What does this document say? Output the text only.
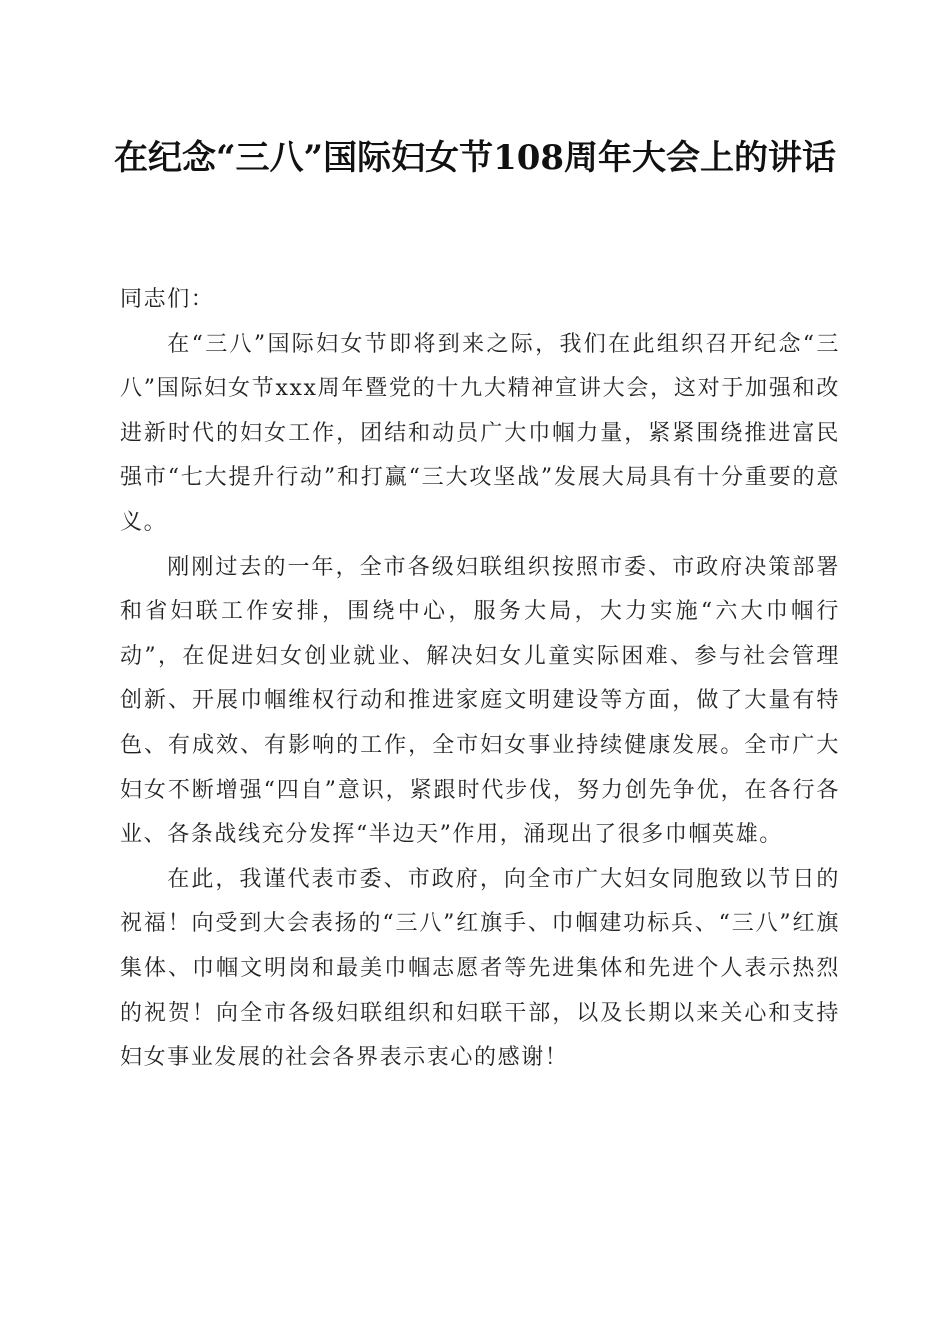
在纪念“三八”国际妇女节108周年大会上的讲话

同志们：

在“三八”国际妇女节即将到来之际，我们在此组织召开纪念“三八”国际妇女节xxx周年暨党的十九大精神宣讲大会，这对于加强和改进新时代的妇女工作，团结和动员广大巾帼力量，紧紧围绕推进富民强市“七大提升行动”和打赢“三大攻坚战”发展大局具有十分重要的意义。

刚刚过去的一年，全市各级妇联组织按照市委、市政府决策部署和省妇联工作安排，围绕中心，服务大局，大力实施“六大巾帼行动”，在促进妇女创业就业、解决妇女儿童实际困难、参与社会管理创新、开展巾帼维权行动和推进家庭文明建设等方面，做了大量有特色、有成效、有影响的工作，全市妇女事业持续健康发展。全市广大妇女不断增强“四自”意识，紧跟时代步伐，努力创先争优，在各行各业、各条战线充分发挥“半边天”作用，涌现出了很多巾帼英雄。

在此，我谨代表市委、市政府，向全市广大妇女同胞致以节日的祝福！向受到大会表扬的“三八”红旗手、巾帼建功标兵、“三八”红旗集体、巾帼文明岗和最美巾帼志愿者等先进集体和先进个人表示热烈的祝贺！向全市各级妇联组织和妇联干部，以及长期以来关心和支持妇女事业发展的社会各界表示衷心的感谢！
